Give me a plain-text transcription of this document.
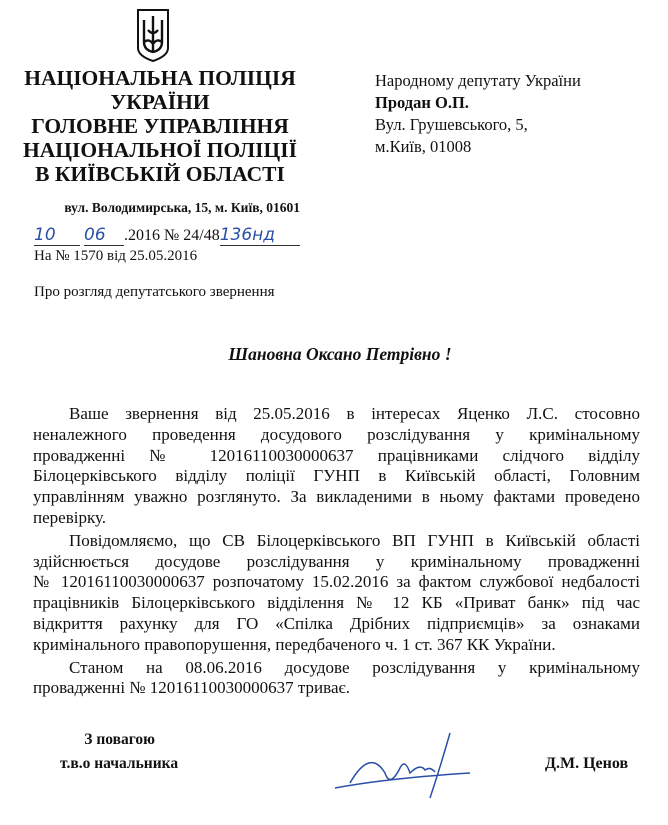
НАЦІОНАЛЬНА ПОЛІЦІЯ
УКРАЇНИ
ГОЛОВНЕ УПРАВЛІННЯ
НАЦІОНАЛЬНОЇ ПОЛІЦІЇ
В КИЇВСЬКІЙ ОБЛАСТІ
вул. Володимирська, 15, м. Київ, 01601
10 06 .2016 № 24/48 136нд
На № 1570 від 25.05.2016
Про розгляд депутатського звернення
Народному депутату України
Продан О.П.
Вул. Грушевського, 5,
м.Київ, 01008
Шановна Оксано Петрівно !
Ваше звернення від 25.05.2016 в інтересах Яценко Л.С. стосовно
неналежного проведення досудового розслідування у кримінальному
провадженні № 12016110030000637 працівниками слідчого відділу
Білоцерківського відділу поліції ГУНП в Київській області, Головним
управлінням уважно розглянуто. За викладеними в ньому фактами проведено
перевірку.
Повідомляємо, що СВ Білоцерківського ВП ГУНП в Київській області
здійснюється досудове розслідування у кримінальному провадженні
№ 12016110030000637 розпочатому 15.02.2016 за фактом службової недбалості
працівників Білоцерківського відділення № 12 КБ «Приват банк» під час
відкриття рахунку для ГО «Спілка Дрібних підприємців» за ознаками
кримінального правопорушення, передбаченого ч. 1 ст. 367 КК України.
Станом на 08.06.2016 досудове розслідування у кримінальному
провадженні № 12016110030000637 триває.
З повагою
т.в.о начальника	Д.М. Ценов
